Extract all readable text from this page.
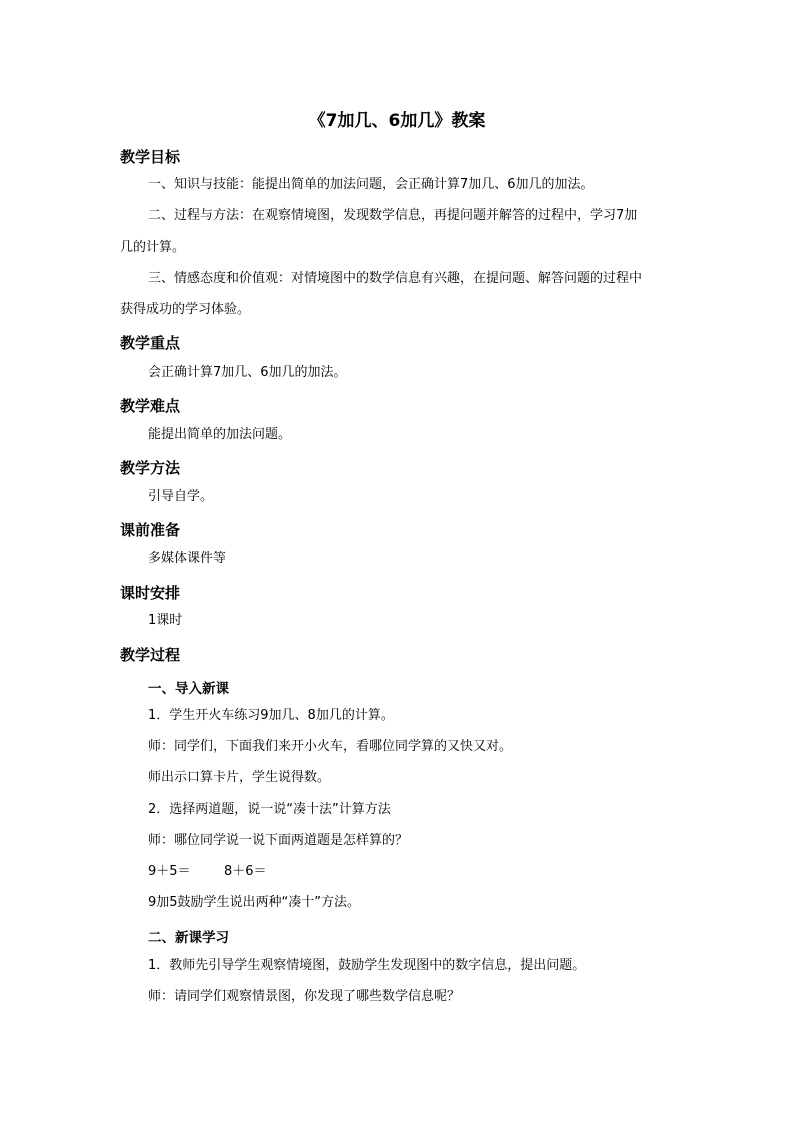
《7加几、6加几》教案
教学目标
一、知识与技能：能提出简单的加法问题，会正确计算7加几、6加几的加法。
二、过程与方法：在观察情境图，发现数学信息，再提问题并解答的过程中，学习7加
几的计算。
三、情感态度和价值观：对情境图中的数学信息有兴趣，在提问题、解答问题的过程中
获得成功的学习体验。
教学重点
会正确计算7加几、6加几的加法。
教学难点
能提出简单的加法问题。
教学方法
引导自学。
课前准备
多媒体课件等
课时安排
1课时
教学过程
一、导入新课
1．学生开火车练习9加几、8加几的计算。
师：同学们，下面我们来开小火车，看哪位同学算的又快又对。
师出示口算卡片，学生说得数。
2．选择两道题，说一说“凑十法”计算方法
师：哪位同学说一说下面两道题是怎样算的？
9＋5＝	8＋6＝
9加5鼓励学生说出两种“凑十”方法。
二、新课学习
1．教师先引导学生观察情境图，鼓励学生发现图中的数字信息，提出问题。
师：请同学们观察情景图，你发现了哪些数学信息呢？
